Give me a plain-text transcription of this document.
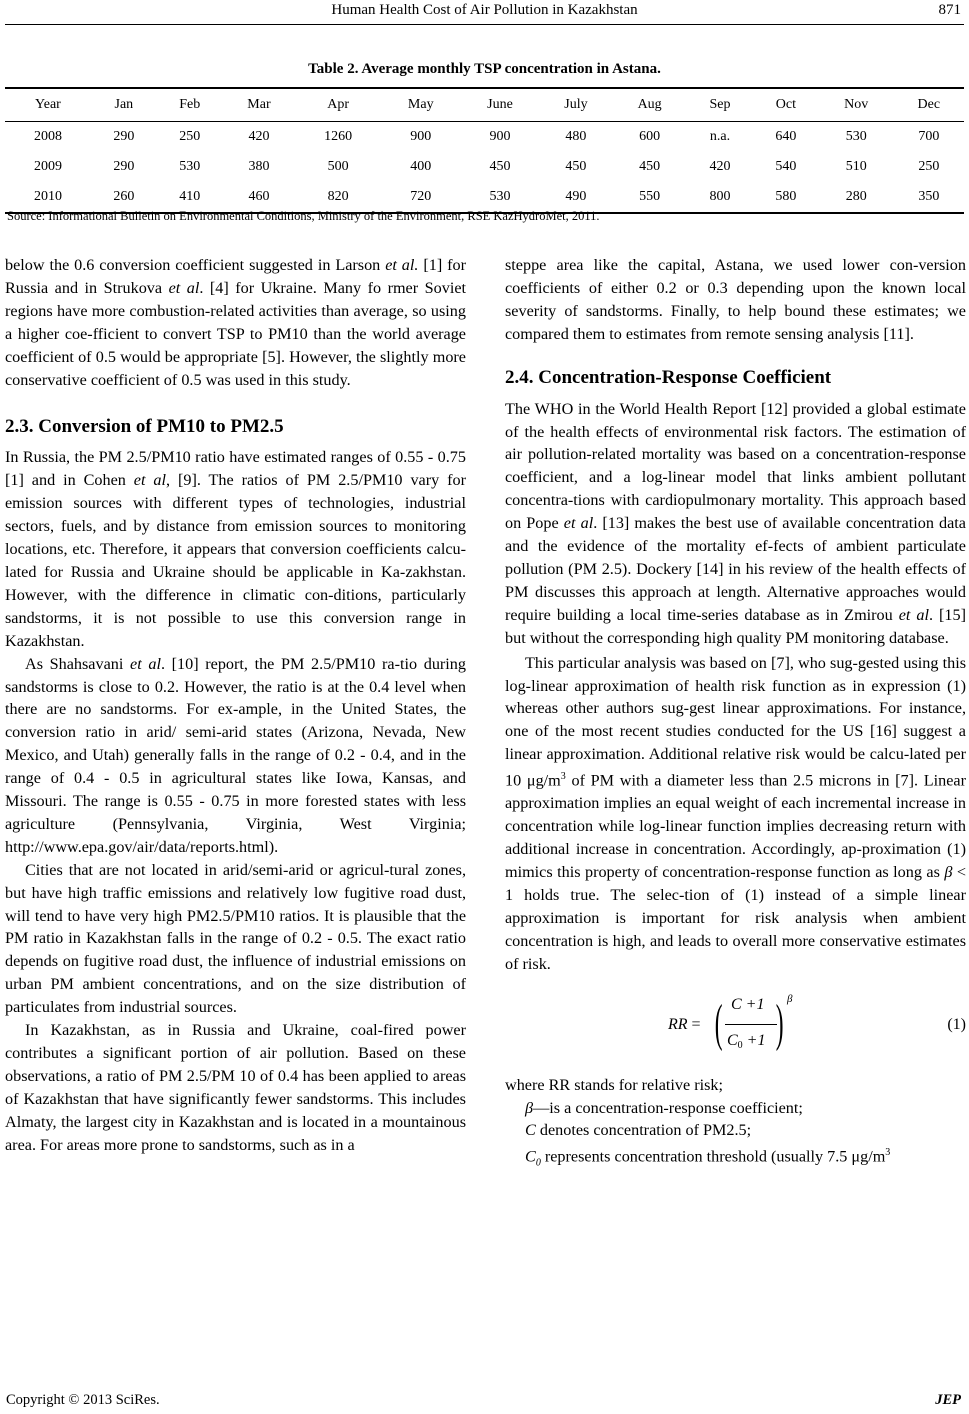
Human Health Cost of Air Pollution in Kazakhstan	871
Table 2. Average monthly TSP concentration in Astana.
Year	Jan	Feb	Mar	Apr	May	June	July	Aug	Sep	Oct	Nov	Dec
2008	290	250	420	1260	900	900	480	600	n.a.	640	530	700
2009	290	530	380	500	400	450	450	450	420	540	510	250
2010	260	410	460	820	720	530	490	550	800	580	280	350
Source: Informational Bulletin on Environmental Conditions, Ministry of the Environment, RSE KazHydroMet, 2011.

below the 0.6 conversion coefficient suggested in Larson et al. [1] for Russia and in Strukova et al. [4] for Ukraine. Many fo rmer Soviet regions have more combustion-related activities than average, so using a higher coe-fficient to convert TSP to PM10 than the world average coefficient of 0.5 would be appropriate [5]. However, the slightly more conservative coefficient of 0.5 was used in this study.

2.3. Conversion of PM10 to PM2.5

In Russia, the PM 2.5/PM10 ratio have estimated ranges of 0.55 - 0.75 [1] and in Cohen et al, [9]. The ratios of PM 2.5/PM10 vary for emission sources with different types of technologies, industrial sectors, fuels, and by distance from emission sources to monitoring locations, etc. Therefore, it appears that conversion coefficients calcu-lated for Russia and Ukraine should be applicable in Ka-zakhstan. However, with the difference in climatic con-ditions, particularly sandstorms, it is not possible to use this conversion range in Kazakhstan.

As Shahsavani et al. [10] report, the PM 2.5/PM10 ra-tio during sandstorms is close to 0.2. However, the ratio is at the 0.4 level when there are no sandstorms. For ex-ample, in the United States, the conversion ratio in arid/ semi-arid states (Arizona, Nevada, New Mexico, and Utah) generally falls in the range of 0.2 - 0.4, and in the range of 0.4 - 0.5 in agricultural states like Iowa, Kansas, and Missouri. The range is 0.55 - 0.75 in more forested states with less agriculture (Pennsylvania, Virginia, West Virginia; http://www.epa.gov/air/data/reports.html).

Cities that are not located in arid/semi-arid or agricul-tural zones, but have high traffic emissions and relatively low fugitive road dust, will tend to have very high PM2.5/PM10 ratios. It is plausible that the PM ratio in Kazakhstan falls in the range of 0.2 - 0.5. The exact ratio depends on fugitive road dust, the influence of industrial emissions on urban PM ambient concentrations, and on the size distribution of particulates from industrial sources.

In Kazakhstan, as in Russia and Ukraine, coal-fired power contributes a significant portion of air pollution. Based on these observations, a ratio of PM 2.5/PM 10 of 0.4 has been applied to areas of Kazakhstan that have significantly fewer sandstorms. This includes Almaty, the largest city in Kazakhstan and is located in a mountainous area. For areas more prone to sandstorms, such as in a

steppe area like the capital, Astana, we used lower con-version coefficients of either 0.2 or 0.3 depending upon the known local severity of sandstorms. Finally, to help bound these estimates; we compared them to estimates from remote sensing analysis [11].

2.4. Concentration-Response Coefficient

The WHO in the World Health Report [12] provided a global estimate of the health effects of environmental risk factors. The estimation of air pollution-related mortality was based on a concentration-response coefficient, and a log-linear model that links ambient pollutant concentra-tions with cardiopulmonary mortality. This approach based on Pope et al. [13] makes the best use of available concentration data and the evidence of the mortality ef-fects of ambient particulate pollution (PM 2.5). Dockery [14] in his review of the health effects of PM discusses this approach at length. Alternative approaches would require building a local time-series database as in Zmirou et al. [15] but without the corresponding high quality PM monitoring database.

This particular analysis was based on [7], who sug-gested using this log-linear approximation of health risk function as in expression (1) whereas other authors sug-gest linear approximations. For instance, one of the most recent studies conducted for the US [16] suggest a linear approximation. Additional relative risk would be calcu-lated per 10 $\mu g/m^3$ of PM with a diameter less than 2.5 microns in [7]. Linear approximation implies an equal weight of each incremental increase in concentration while log-linear function implies decreasing return with additional increase in concentration. Accordingly, ap-proximation (1) mimics this property of concentration-response function as long as β < 1 holds true. The selec-tion of (1) instead of a simple linear approximation is important for risk analysis when ambient concentration is high, and leads to overall more conservative estimates of risk.

RR = ( C +1
C0 +1 ) β
(1)

where RR stands for relative risk;

β—is a concentration-response coefficient;

C denotes concentration of PM2.5;

$C_0$ represents concentration threshold (usually 7.5 $\mu g/m^3$

Copyright © 2013 SciRes.	JEP
